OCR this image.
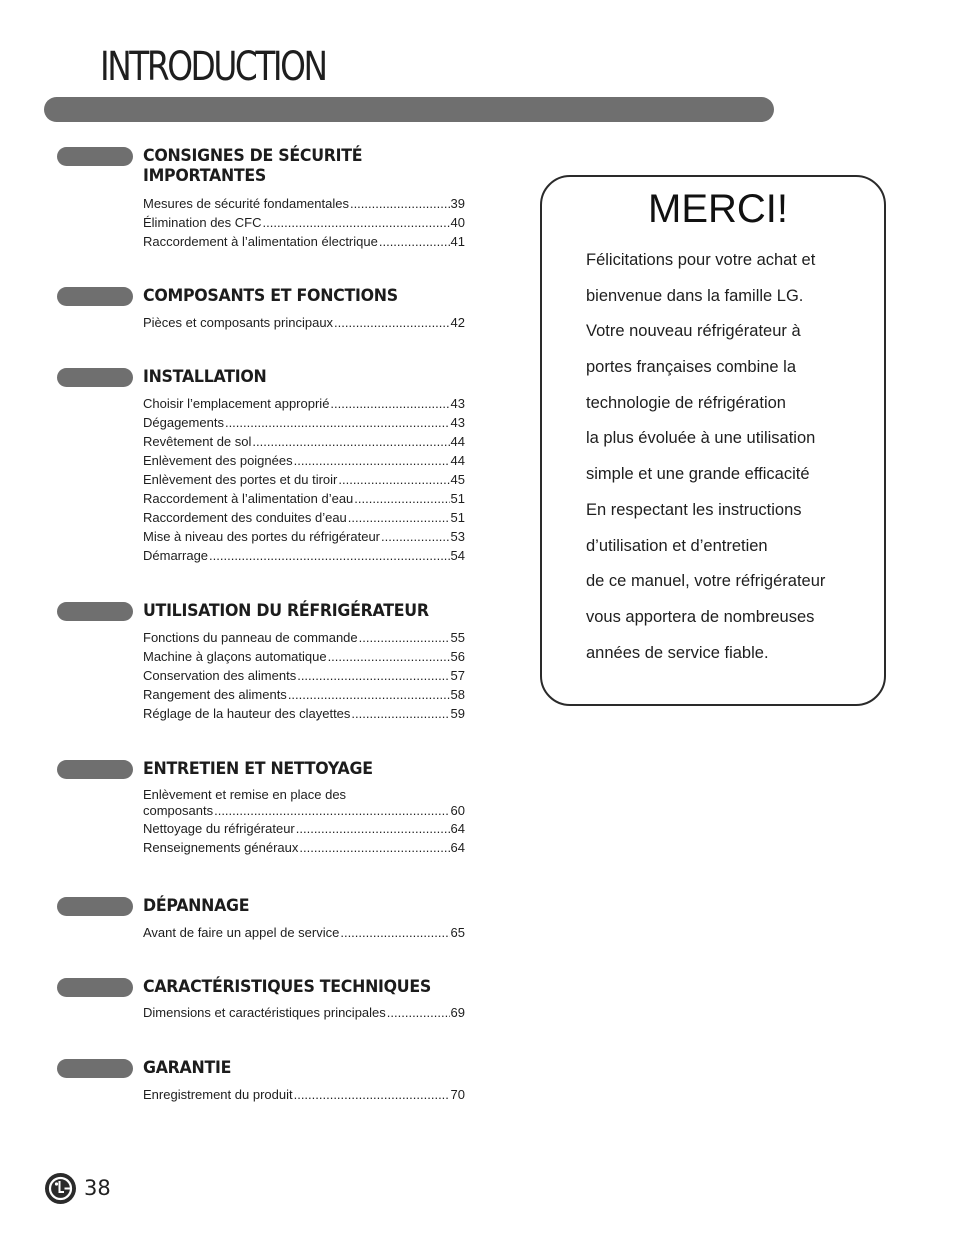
INTRODUCTION
CONSIGNES DE SÉCURITÉ IMPORTANTES
Mesures de sécurité fondamentales .....	39
Élimination des CFC .....	40
Raccordement à l’alimentation électrique .....	41
COMPOSANTS ET FONCTIONS
Pièces et composants principaux .....	42
INSTALLATION
Choisir l’emplacement approprié .....	43
Dégagements .....	43
Revêtement de sol .....	44
Enlèvement des poignées .....	44
Enlèvement des portes et du tiroir .....	45
Raccordement à l’alimentation d’eau .....	51
Raccordement des conduites d’eau .....	51
Mise à niveau des portes du réfrigérateur .....	53
Démarrage .....	54
UTILISATION DU RÉFRIGÉRATEUR
Fonctions du panneau de commande .....	55
Machine à glaçons automatique .....	56
Conservation des aliments .....	57
Rangement des aliments .....	58
Réglage de la hauteur des clayettes .....	59
ENTRETIEN ET NETTOYAGE
Enlèvement et remise en place des
composants .....	60
Nettoyage du réfrigérateur .....	64
Renseignements généraux .....	64
DÉPANNAGE
Avant de faire un appel de service .....	65
CARACTÉRISTIQUES TECHNIQUES
Dimensions et caractéristiques principales .....	69
GARANTIE
Enregistrement du produit .....	70
MERCI!
Félicitations pour votre achat et
bienvenue dans la famille LG.
Votre nouveau réfrigérateur à
portes françaises combine la
technologie de réfrigération
la plus évoluée à une utilisation
simple et une grande efficacité
En respectant les instructions
d’utilisation et d’entretien
de ce manuel, votre réfrigérateur
vous apportera de nombreuses
années de service fiable.

38
